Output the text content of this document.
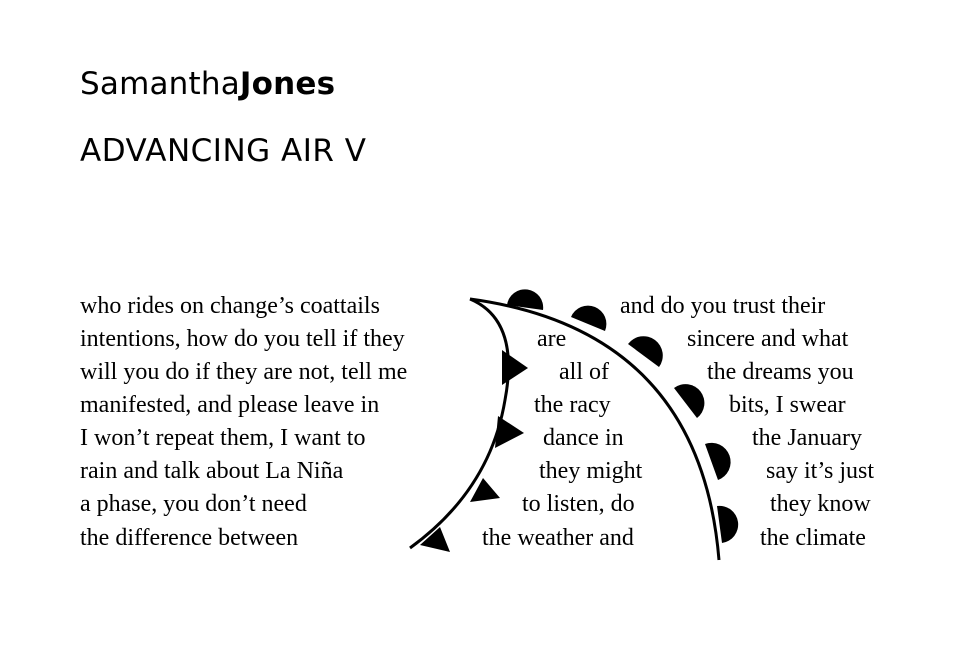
SamanthaJones
ADVANCING AIR V
who rides on change’s coattails
intentions, how do you tell if they
will you do if they are not, tell me
manifested, and please leave in
I won’t repeat them, I want to
rain and talk about La Niña
a phase, you don’t need
the difference between
are
all of
the racy
dance in
they might
to listen, do
the weather and
and do you trust their
sincere and what
the dreams you
bits, I swear
the January
say it’s just
they know
the climate
